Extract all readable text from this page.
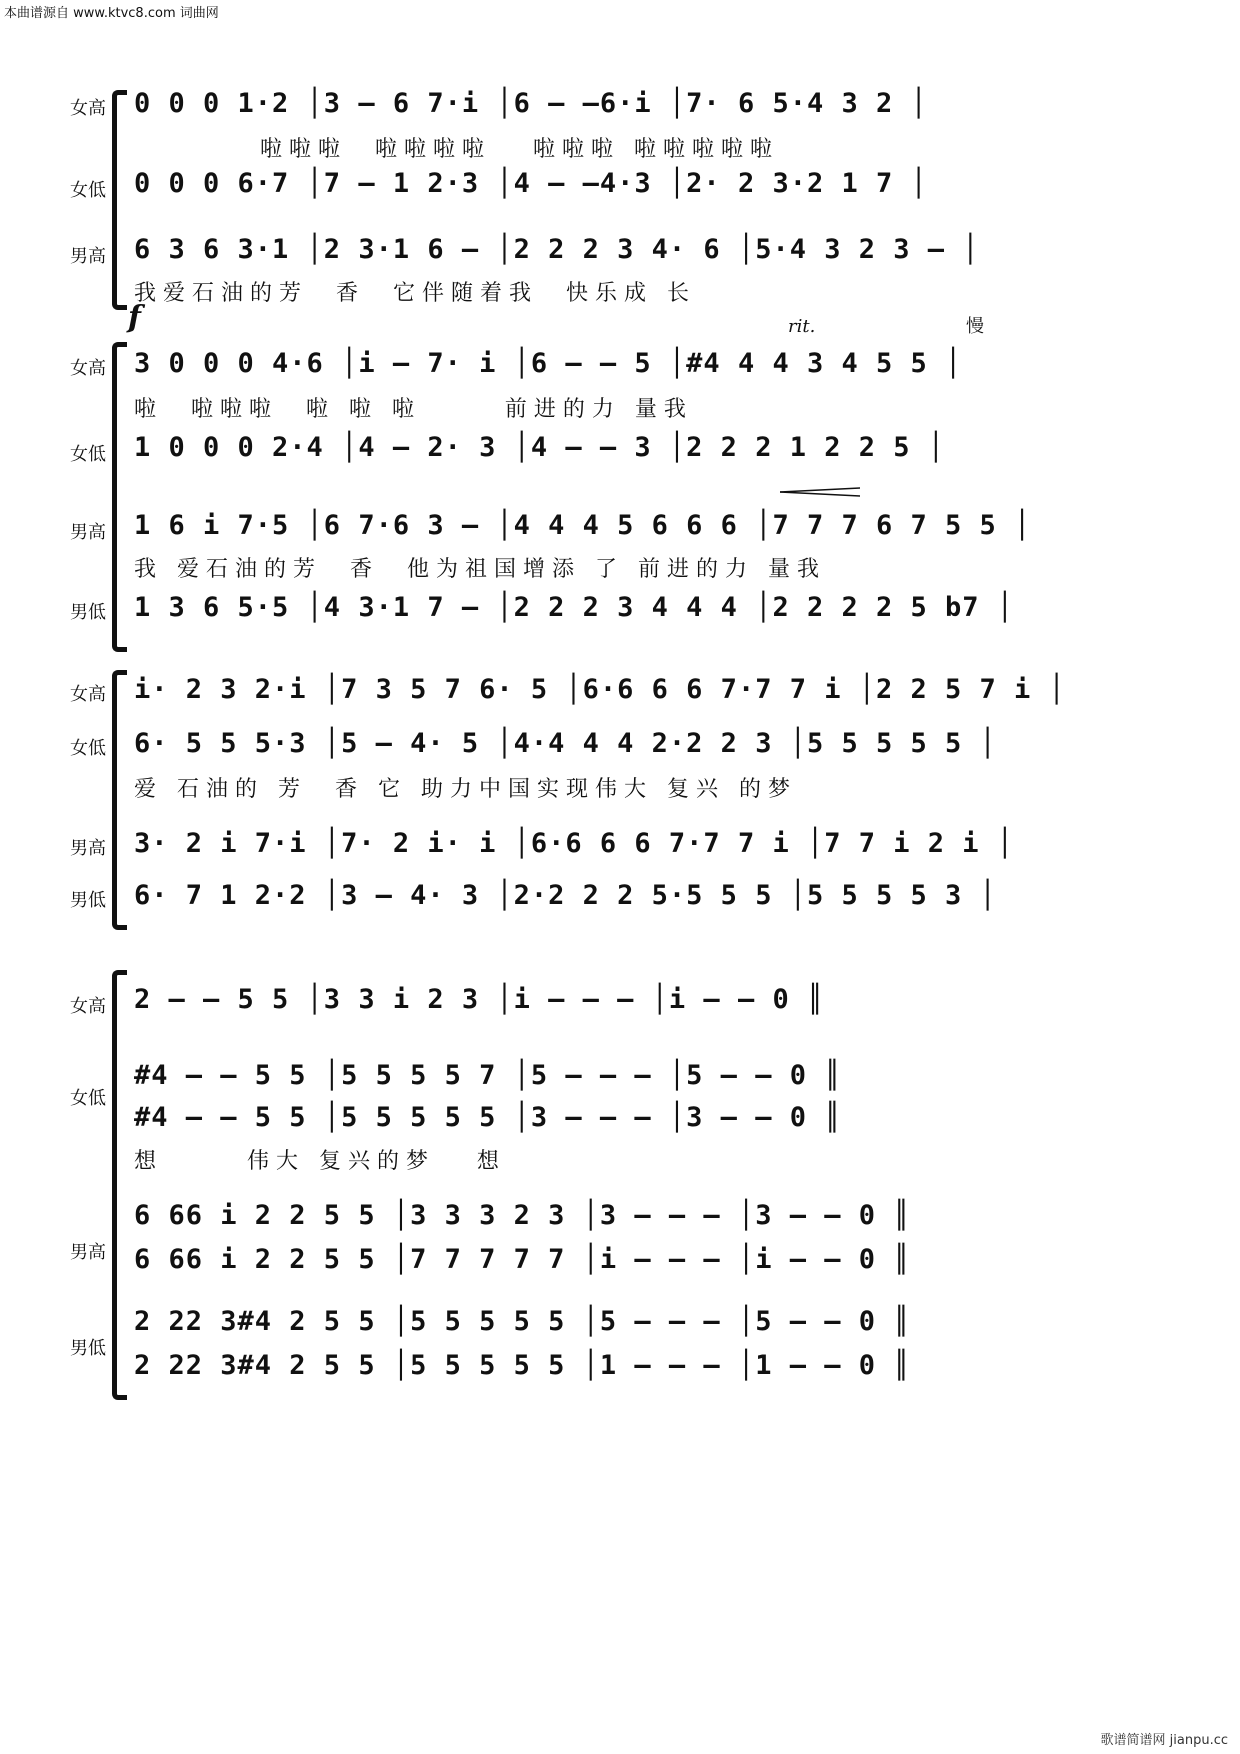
本曲谱源自 www.ktvc8.com 词曲网
女高	0 0 0 1·2 │3 – 6 7·i │6 – –6·i │7· 6 5·4 3 2 │
啦啦啦  啦啦啦啦   啦啦啦 啦啦啦啦啦
女低	0 0 0 6·7 │7 – 1 2·3 │4 – –4·3 │2· 2 3·2 1 7 │
男高	6 3 6 3·1 │2 3·1 6 – │2 2 2 3 4· 6 │5·4 3 2 3 – │
我爱石油的芳  香  它伴随着我  快乐成 长
f	rit.	慢
女高	3 0 0 0 4·6 │i – 7· i │6 – – 5 │#4 4 4 3 4 5 5 │
啦  啦啦啦  啦 啦 啦      前进的力 量我
女低	1 0 0 0 2·4 │4 – 2· 3 │4 – – 3 │2 2 2 1 2 2 5 │
男高	1 6 i 7·5 │6 7·6 3 – │4 4 4 5 6 6 6 │7 7 7 6 7 5 5 │
我 爱石油的芳  香  他为祖国增添 了 前进的力 量我
男低	1 3 6 5·5 │4 3·1 7 – │2 2 2 3 4 4 4 │2 2 2 2 5 b7 │
女高	i· 2 3 2·i │7 3 5 7 6· 5 │6·6 6 6 7·7 7 i │2 2 5 7 i │
女低	6· 5 5 5·3 │5 – 4· 5 │4·4 4 4 2·2 2 3 │5 5 5 5 5 │
爱 石油的 芳  香 它 助力中国实现伟大 复兴 的梦
男高	3· 2 i 7·i │7· 2 i· i │6·6 6 6 7·7 7 i │7 7 i 2 i │
男低	6· 7 1 2·2 │3 – 4· 3 │2·2 2 2 5·5 5 5 │5 5 5 5 3 │
女高	2 – – 5 5 │3 3 i 2 3 │i – – – │i – – 0 ║
女低
#4 – – 5 5 │5 5 5 5 7 │5 – – – │5 – – 0 ║
#4 – – 5 5 │5 5 5 5 5 │3 – – – │3 – – 0 ║
想      伟大 复兴的梦   想
男高
6 66 i 2 2 5 5 │3 3 3 2 3 │3 – – – │3 – – 0 ║
6 66 i 2 2 5 5 │7 7 7 7 7 │i – – – │i – – 0 ║
男低
2 22 3#4 2 5 5 │5 5 5 5 5 │5 – – – │5 – – 0 ║
2 22 3#4 2 5 5 │5 5 5 5 5 │1 – – – │1 – – 0 ║
歌谱简谱网 jianpu.cc
